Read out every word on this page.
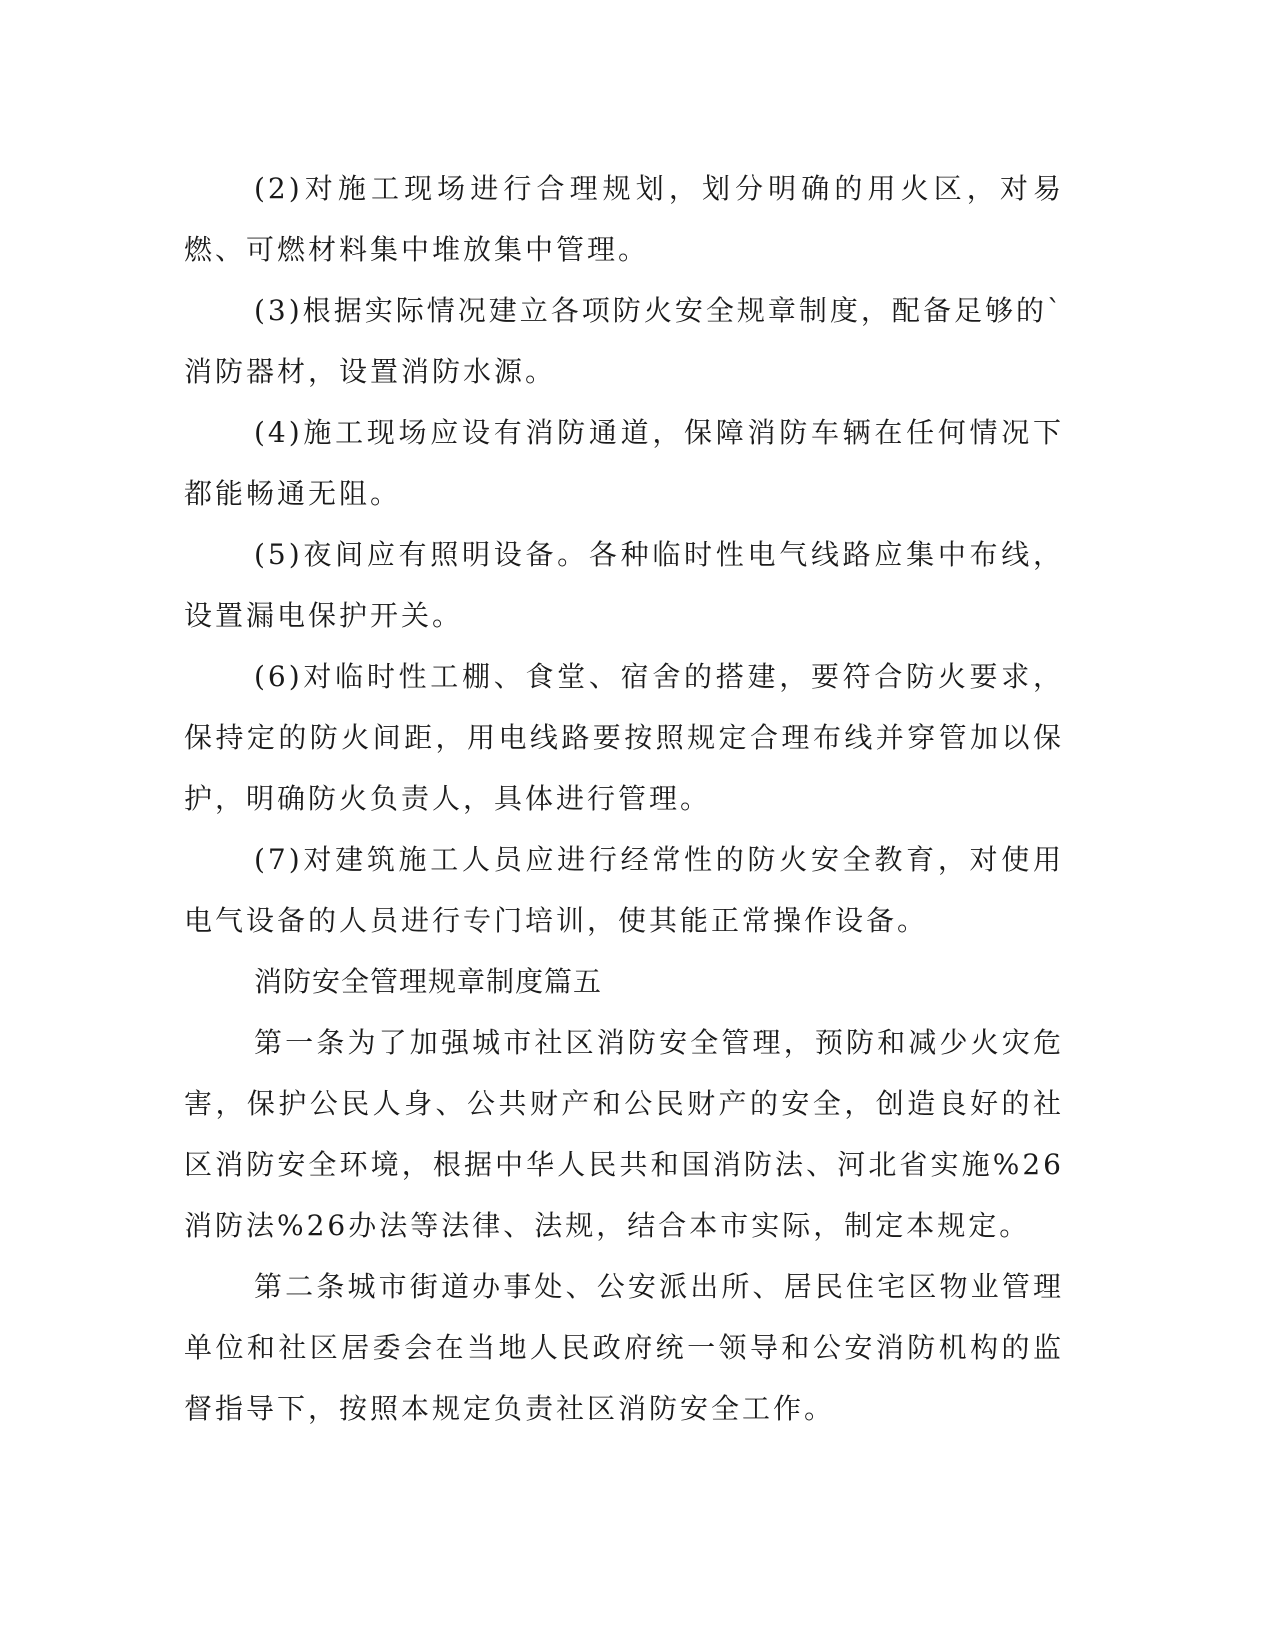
(2)对施工现场进行合理规划，划分明确的用火区，对易燃、可燃材料集中堆放集中管理。

(3)根据实际情况建立各项防火安全规章制度，配备足够的`消防器材，设置消防水源。

(4)施工现场应设有消防通道，保障消防车辆在任何情况下都能畅通无阻。

(5)夜间应有照明设备。各种临时性电气线路应集中布线，设置漏电保护开关。

(6)对临时性工棚、食堂、宿舍的搭建，要符合防火要求，保持定的防火间距，用电线路要按照规定合理布线并穿管加以保护，明确防火负责人，具体进行管理。

(7)对建筑施工人员应进行经常性的防火安全教育，对使用电气设备的人员进行专门培训，使其能正常操作设备。

消防安全管理规章制度篇五

第一条为了加强城市社区消防安全管理，预防和减少火灾危害，保护公民人身、公共财产和公民财产的安全，创造良好的社区消防安全环境，根据中华人民共和国消防法、河北省实施%26消防法%26办法等法律、法规，结合本市实际，制定本规定。

第二条城市街道办事处、公安派出所、居民住宅区物业管理单位和社区居委会在当地人民政府统一领导和公安消防机构的监督指导下，按照本规定负责社区消防安全工作。
